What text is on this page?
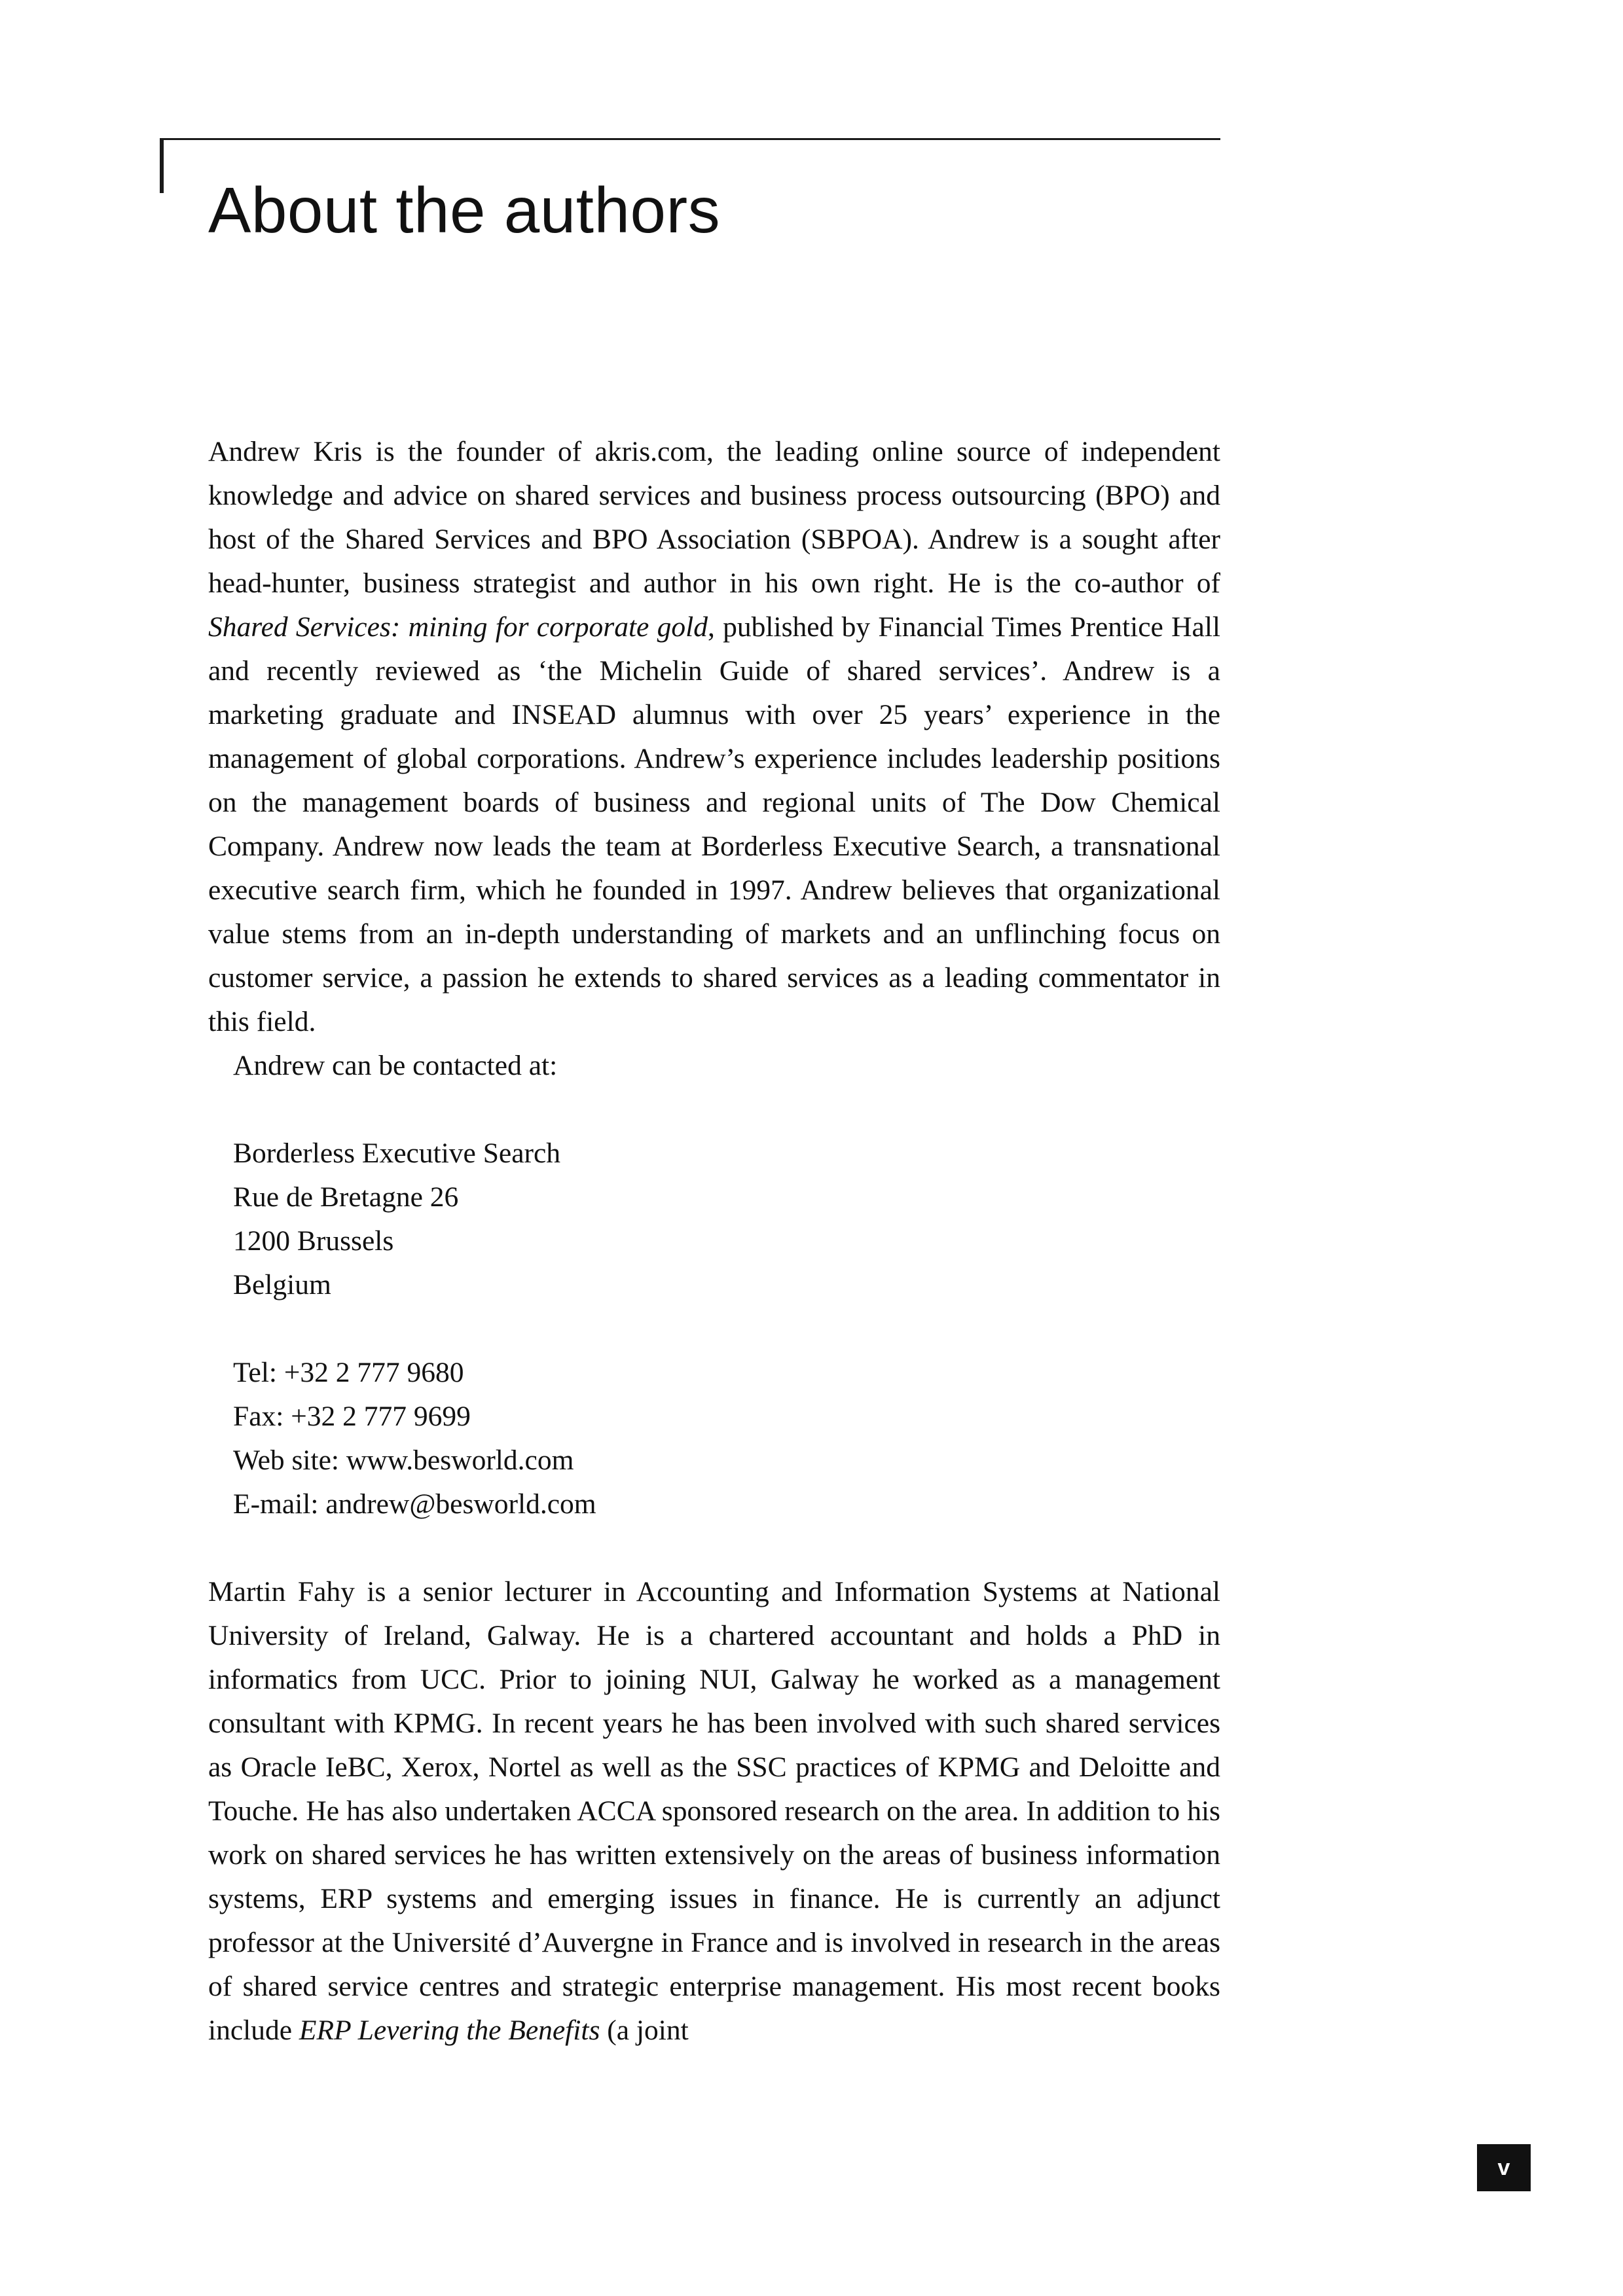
About the authors

Andrew Kris is the founder of akris.com, the leading online source of independent knowledge and advice on shared services and business process outsourcing (BPO) and host of the Shared Services and BPO Association (SBPOA). Andrew is a sought after head-hunter, business strategist and author in his own right. He is the co-author of Shared Services: mining for corporate gold, published by Financial Times Prentice Hall and recently reviewed as ‘the Michelin Guide of shared services’. Andrew is a marketing graduate and INSEAD alumnus with over 25 years’ experience in the management of global corporations. Andrew’s experience includes leadership positions on the management boards of business and regional units of The Dow Chemical Company. Andrew now leads the team at Borderless Executive Search, a transnational executive search firm, which he founded in 1997. Andrew believes that organizational value stems from an in-depth understanding of markets and an unflinching focus on customer service, a passion he extends to shared services as a leading commentator in this field.

Andrew can be contacted at:
Borderless Executive Search
Rue de Bretagne 26
1200 Brussels
Belgium
Tel: +32 2 777 9680
Fax: +32 2 777 9699
Web site: www.besworld.com
E-mail: andrew@besworld.com

Martin Fahy is a senior lecturer in Accounting and Information Systems at National University of Ireland, Galway. He is a chartered accountant and holds a PhD in informatics from UCC. Prior to joining NUI, Galway he worked as a management consultant with KPMG. In recent years he has been involved with such shared services as Oracle IeBC, Xerox, Nortel as well as the SSC practices of KPMG and Deloitte and Touche. He has also undertaken ACCA sponsored research on the area. In addition to his work on shared services he has written extensively on the areas of business information systems, ERP systems and emerging issues in finance. He is currently an adjunct professor at the Université d’Auvergne in France and is involved in research in the areas of shared service centres and strategic enterprise management. His most recent books include ERP Levering the Benefits (a joint

v
